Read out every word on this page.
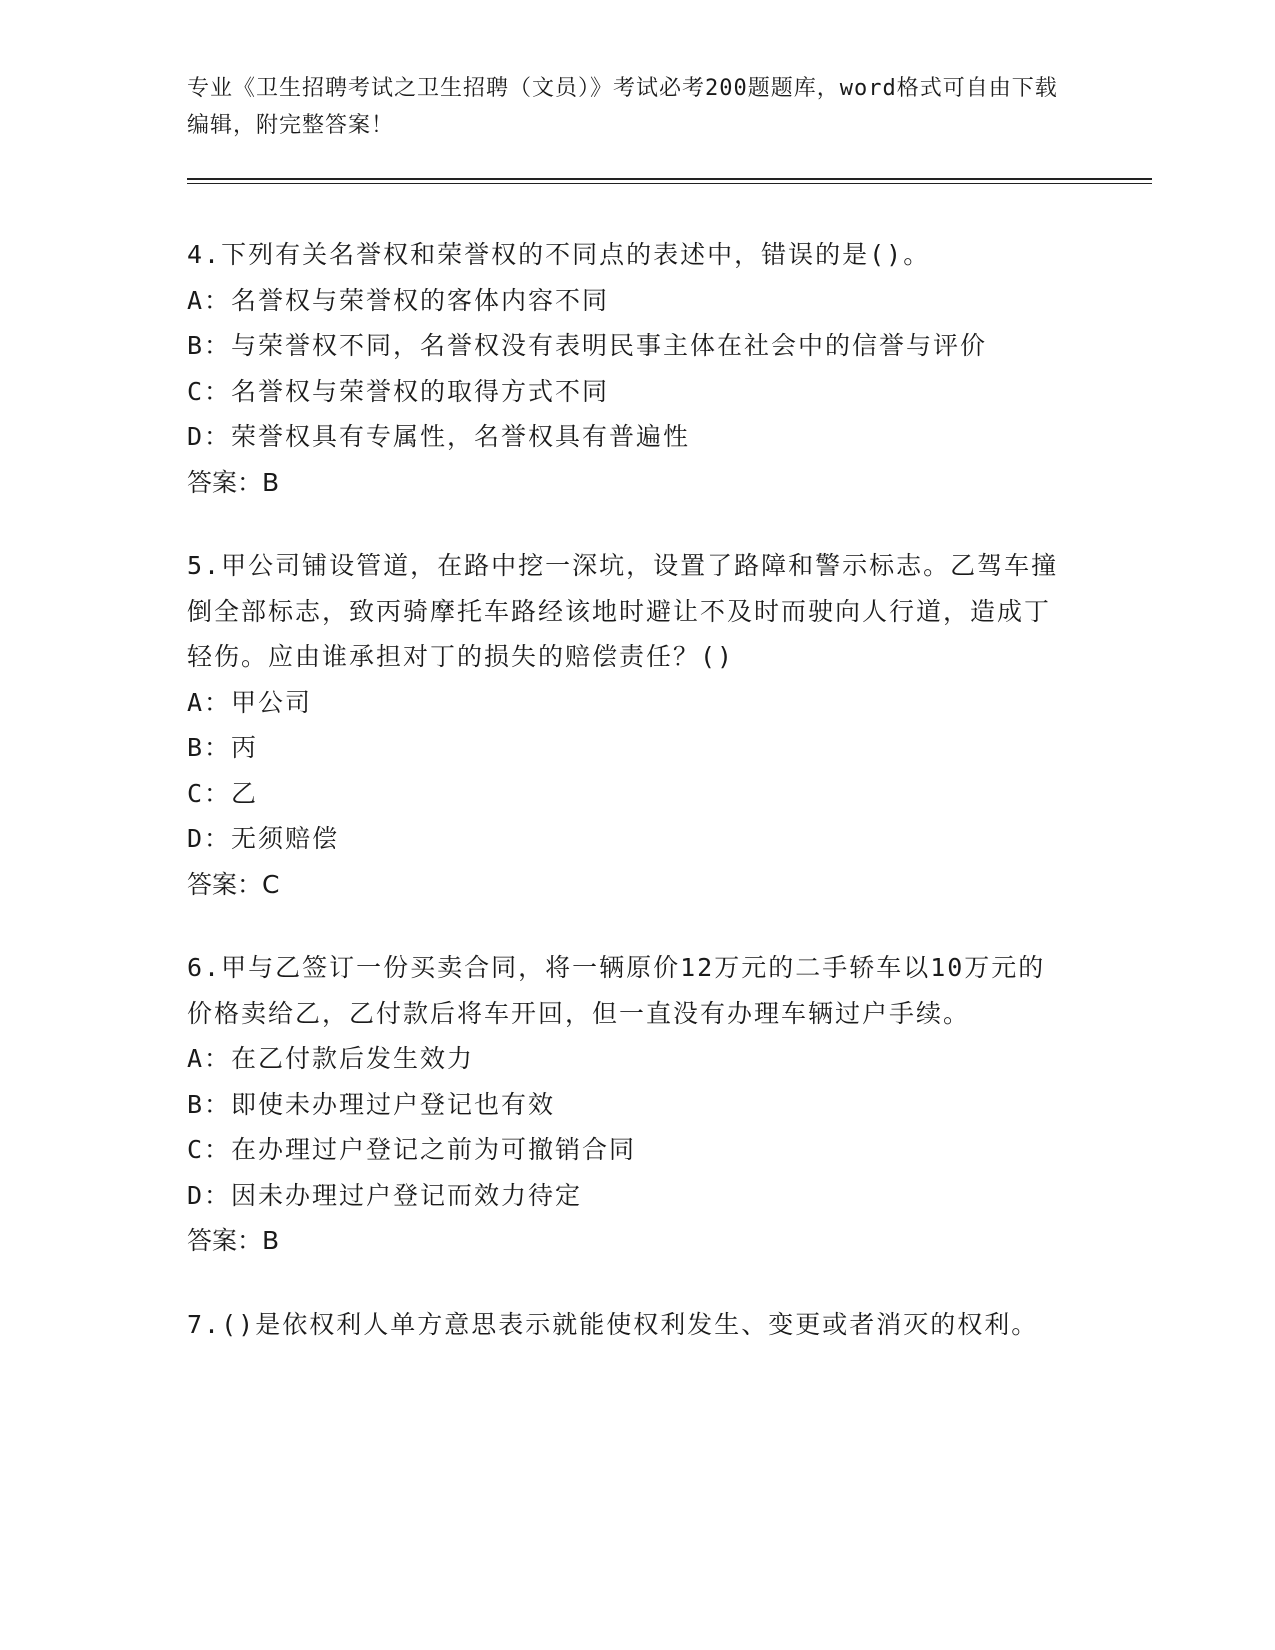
专业《卫生招聘考试之卫生招聘（文员）》考试必考200题题库，word格式可自由下载编辑，附完整答案！

4.下列有关名誉权和荣誉权的不同点的表述中，错误的是()。

A：名誉权与荣誉权的客体内容不同

B：与荣誉权不同，名誉权没有表明民事主体在社会中的信誉与评价

C：名誉权与荣誉权的取得方式不同

D：荣誉权具有专属性，名誉权具有普遍性

答案：B

5.甲公司铺设管道，在路中挖一深坑，设置了路障和警示标志。乙驾车撞倒全部标志，致丙骑摩托车路经该地时避让不及时而驶向人行道，造成丁轻伤。应由谁承担对丁的损失的赔偿责任？()

A：甲公司

B：丙

C：乙

D：无须赔偿

答案：C

6.甲与乙签订一份买卖合同，将一辆原价12万元的二手轿车以10万元的价格卖给乙，乙付款后将车开回，但一直没有办理车辆过户手续。

A：在乙付款后发生效力

B：即使未办理过户登记也有效

C：在办理过户登记之前为可撤销合同

D：因未办理过户登记而效力待定

答案：B

7.()是依权利人单方意思表示就能使权利发生、变更或者消灭的权利。
